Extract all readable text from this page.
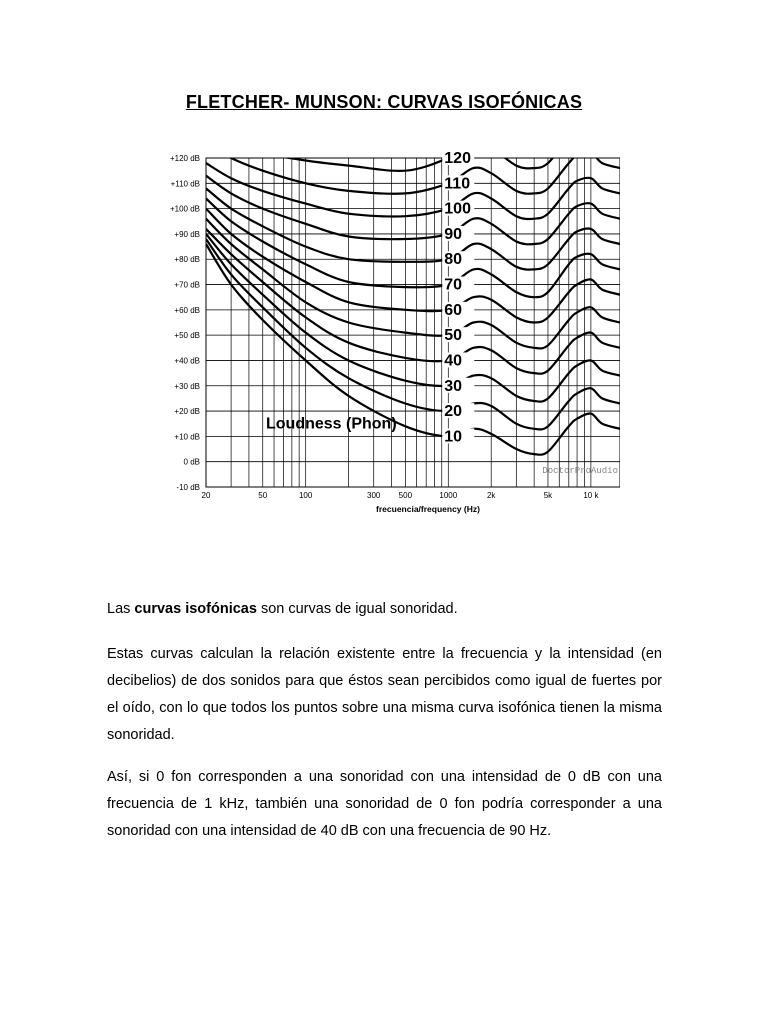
FLETCHER- MUNSON: CURVAS ISOFÓNICAS
120
110
100
90
80
70
60
50
40
30
20
10
+120 dB
+110 dB
+100 dB
+90 dB
+80 dB
+70 dB
+60 dB
+50 dB
+40 dB
+30 dB
+20 dB
+10 dB
0 dB
-10 dB
20	50	100	300 500	1000	2k	5k	10 k
Loudness (Phon)
DoctorProAudio
frecuencia/frequency (Hz)

Las curvas isofónicas son curvas de igual sonoridad.

Estas curvas calculan la relación existente entre la frecuencia y la intensidad (en decibelios) de dos sonidos para que éstos sean percibidos como igual de fuertes por el oído, con lo que todos los puntos sobre una misma curva isofónica tienen la misma sonoridad.

Así, si 0 fon corresponden a una sonoridad con una intensidad de 0 dB con una frecuencia de 1 kHz, también una sonoridad de 0 fon podría corresponder a una sonoridad con una intensidad de 40 dB con una frecuencia de 90 Hz.
